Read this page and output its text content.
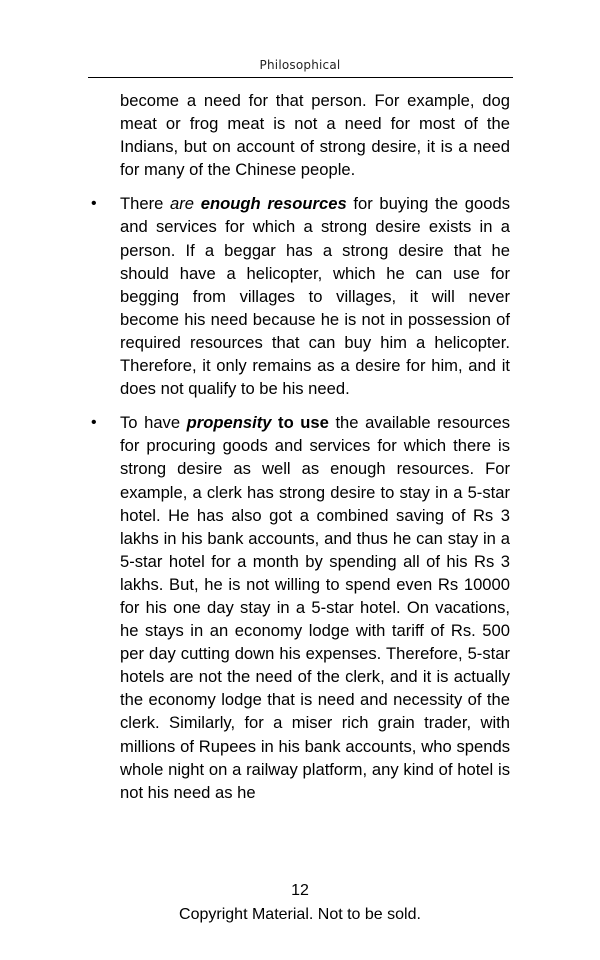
Philosophical

become a need for that person. For example, dog meat or frog meat is not a need for most of the Indians, but on account of strong desire, it is a need for many of the Chinese people.

• There are enough resources for buying the goods and services for which a strong desire exists in a person. If a beggar has a strong desire that he should have a helicopter, which he can use for begging from villages to villages, it will never become his need because he is not in possession of required resources that can buy him a helicopter. Therefore, it only remains as a desire for him, and it does not qualify to be his need.
• To have propensity to use the available resources for procuring goods and services for which there is strong desire as well as enough resources. For example, a clerk has strong desire to stay in a 5-star hotel. He has also got a combined saving of Rs 3 lakhs in his bank accounts, and thus he can stay in a 5-star hotel for a month by spending all of his Rs 3 lakhs. But, he is not willing to spend even Rs 10000 for his one day stay in a 5-star hotel. On vacations, he stays in an economy lodge with tariff of Rs. 500 per day cutting down his expenses. Therefore, 5-star hotels are not the need of the clerk, and it is actually the economy lodge that is need and necessity of the clerk. Similarly, for a miser rich grain trader, with millions of Rupees in his bank accounts, who spends whole night on a railway platform, any kind of hotel is not his need as he
12
Copyright Material. Not to be sold.
